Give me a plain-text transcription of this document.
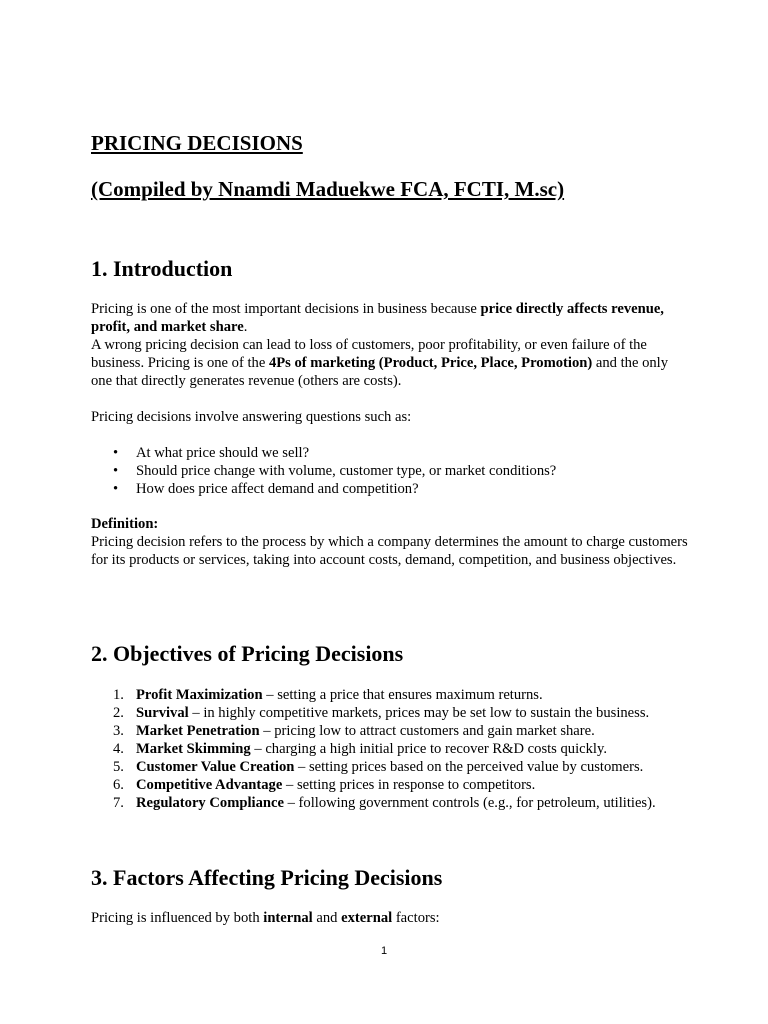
PRICING DECISIONS
(Compiled by Nnamdi Maduekwe FCA, FCTI, M.sc)
1. Introduction

Pricing is one of the most important decisions in business because price directly affects revenue, profit, and market share.

A wrong pricing decision can lead to loss of customers, poor profitability, or even failure of the business. Pricing is one of the 4Ps of marketing (Product, Price, Place, Promotion) and the only one that directly generates revenue (others are costs).

Pricing decisions involve answering questions such as:

• At what price should we sell?
• Should price change with volume, customer type, or market conditions?
• How does price affect demand and competition?

Definition:

Pricing decision refers to the process by which a company determines the amount to charge customers for its products or services, taking into account costs, demand, competition, and business objectives.

2. Objectives of Pricing Decisions
1. Profit Maximization – setting a price that ensures maximum returns.
2. Survival – in highly competitive markets, prices may be set low to sustain the business.
3. Market Penetration – pricing low to attract customers and gain market share.
4. Market Skimming – charging a high initial price to recover R&D costs quickly.
5. Customer Value Creation – setting prices based on the perceived value by customers.
6. Competitive Advantage – setting prices in response to competitors.
7. Regulatory Compliance – following government controls (e.g., for petroleum, utilities).
3. Factors Affecting Pricing Decisions

Pricing is influenced by both internal and external factors:

1
